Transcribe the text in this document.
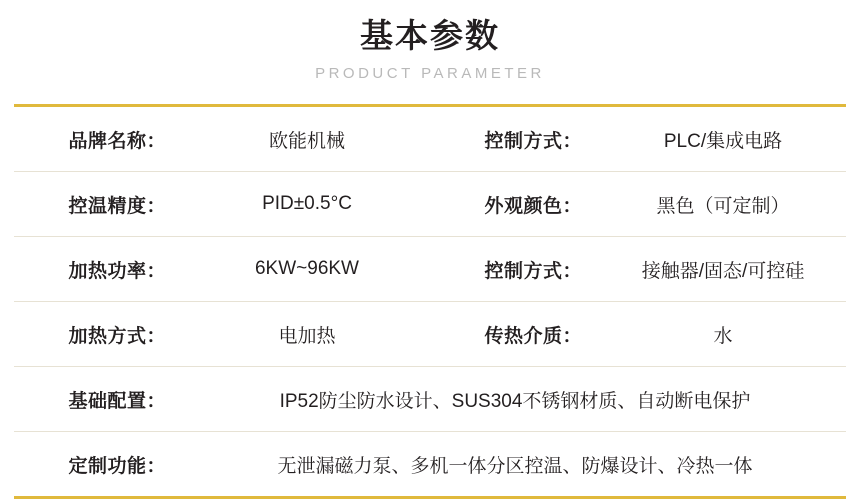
基本参数
PRODUCT PARAMETER
品牌名称：	欧能机械	控制方式：	PLC/集成电路
控温精度：	PID±0.5°C	外观颜色：	黑色（可定制）
加热功率：	6KW~96KW	控制方式：	接触器/固态/可控硅
加热方式：	电加热	传热介质：	水
基础配置：	IP52防尘防水设计、SUS304不锈钢材质、自动断电保护
定制功能：	无泄漏磁力泵、多机一体分区控温、防爆设计、冷热一体
